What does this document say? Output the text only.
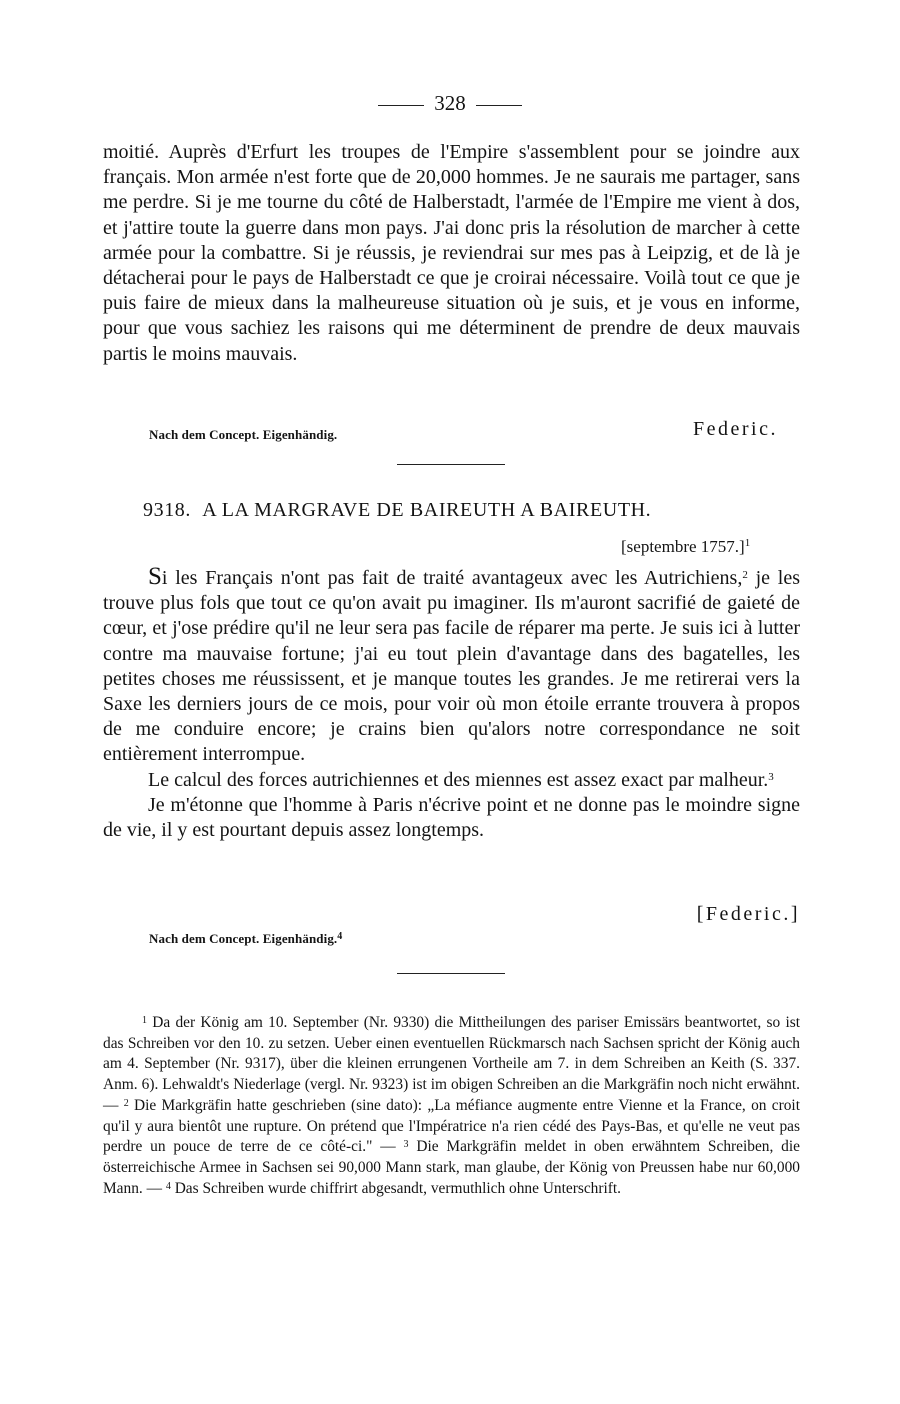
328

moitié. Auprès d'Erfurt les troupes de l'Empire s'assemblent pour se joindre aux français. Mon armée n'est forte que de 20,000 hommes. Je ne saurais me partager, sans me perdre. Si je me tourne du côté de Halberstadt, l'armée de l'Empire me vient à dos, et j'attire toute la guerre dans mon pays. J'ai donc pris la résolution de marcher à cette armée pour la combattre. Si je réussis, je reviendrai sur mes pas à Leipzig, et de là je détacherai pour le pays de Halberstadt ce que je croirai nécessaire. Voilà tout ce que je puis faire de mieux dans la malheureuse situation où je suis, et je vous en informe, pour que vous sachiez les raisons qui me déterminent de prendre de deux mauvais partis le moins mauvais.

Nach dem Concept. Eigenhändig.	Federic.
9318. A LA MARGRAVE DE BAIREUTH A BAIREUTH.
[septembre 1757.]$^1$

Si les Français n'ont pas fait de traité avantageux avec les Autrichiens,$^2$ je les trouve plus fols que tout ce qu'on avait pu imaginer. Ils m'auront sacrifié de gaieté de cœur, et j'ose prédire qu'il ne leur sera pas facile de réparer ma perte. Je suis ici à lutter contre ma mauvaise fortune; j'ai eu tout plein d'avantage dans des bagatelles, les petites choses me réussissent, et je manque toutes les grandes. Je me retirerai vers la Saxe les derniers jours de ce mois, pour voir où mon étoile errante trouvera à propos de me conduire encore; je crains bien qu'alors notre correspondance ne soit entièrement interrompue.

Le calcul des forces autrichiennes et des miennes est assez exact par malheur.$^3$

Je m'étonne que l'homme à Paris n'écrive point et ne donne pas le moindre signe de vie, il y est pourtant depuis assez longtemps.

[Federic.]
Nach dem Concept. Eigenhändig.$^4$

$^1$ Da der König am 10. September (Nr. 9330) die Mittheilungen des pariser Emissärs beantwortet, so ist das Schreiben vor den 10. zu setzen. Ueber einen eventuellen Rückmarsch nach Sachsen spricht der König auch am 4. September (Nr. 9317), über die kleinen errungenen Vortheile am 7. in dem Schreiben an Keith (S. 337. Anm. 6). Lehwaldt's Niederlage (vergl. Nr. 9323) ist im obigen Schreiben an die Markgräfin noch nicht erwähnt. — $^2$ Die Markgräfin hatte geschrieben (sine dato): „La méfiance augmente entre Vienne et la France, on croit qu'il y aura bientôt une rupture. On prétend que l'Impératrice n'a rien cédé des Pays-Bas, et qu'elle ne veut pas perdre un pouce de terre de ce côté-ci." — $^3$ Die Markgräfin meldet in oben erwähntem Schreiben, die österreichische Armee in Sachsen sei 90,000 Mann stark, man glaube, der König von Preussen habe nur 60,000 Mann. — $^4$ Das Schreiben wurde chiffrirt abgesandt, vermuthlich ohne Unterschrift.
